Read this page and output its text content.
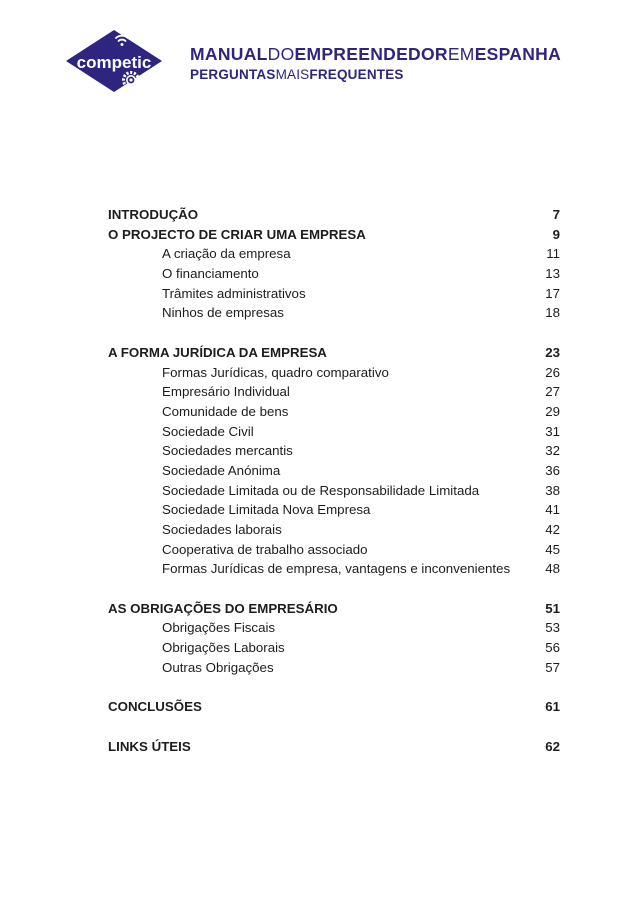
competic MANUALDOEMPREENDEDOREMESPANHA
PERGUNTASMAISFREQUENTES
INTRODUÇÃO	7
O PROJECTO DE CRIAR UMA EMPRESA	9
A criação da empresa	11
O financiamento	13
Trâmites administrativos	17
Ninhos de empresas	18
A FORMA JURÍDICA DA EMPRESA	23
Formas Jurídicas, quadro comparativo	26
Empresário Individual	27
Comunidade de bens	29
Sociedade Civil	31
Sociedades mercantis	32
Sociedade Anónima	36
Sociedade Limitada ou de Responsabilidade Limitada	38
Sociedade Limitada Nova Empresa	41
Sociedades laborais	42
Cooperativa de trabalho associado	45
Formas Jurídicas de empresa, vantagens e inconvenientes	48
AS OBRIGAÇÕES DO EMPRESÁRIO	51
Obrigações Fiscais	53
Obrigações Laborais	56
Outras Obrigações	57
CONCLUSÕES	61
LINKS ÚTEIS	62
